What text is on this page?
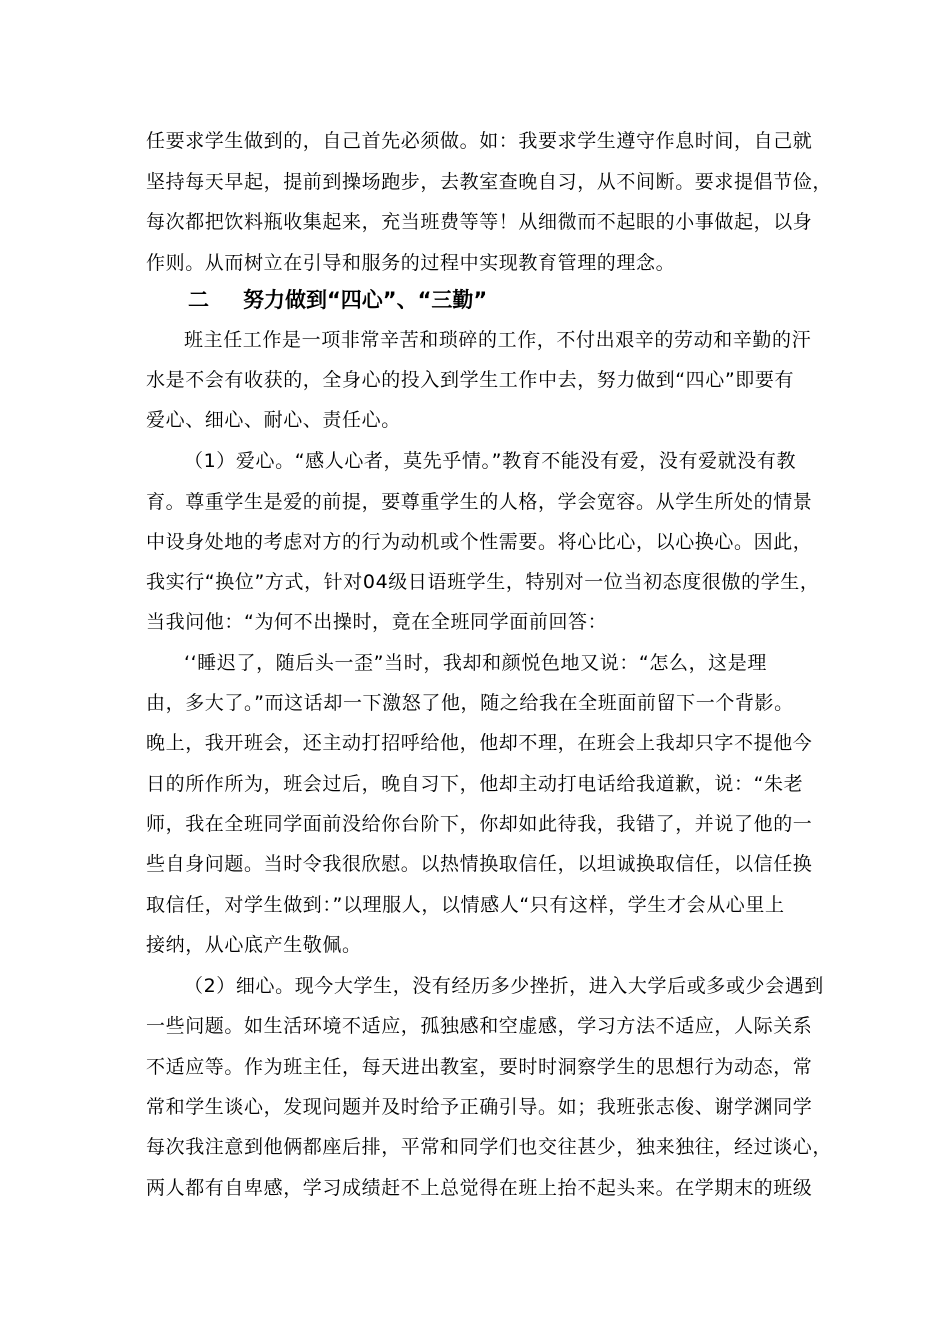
任要求学生做到的，自己首先必须做。如：我要求学生遵守作息时间，自己就
坚持每天早起，提前到操场跑步，去教室查晚自习，从不间断。要求提倡节俭，
每次都把饮料瓶收集起来，充当班费等等！从细微而不起眼的小事做起，以身
作则。从而树立在引导和服务的过程中实现教育管理的理念。
二 努力做到“四心”、“三勤”
班主任工作是一项非常辛苦和琐碎的工作，不付出艰辛的劳动和辛勤的汗
水是不会有收获的，全身心的投入到学生工作中去，努力做到“四心”即要有
爱心、细心、耐心、责任心。
（1）爱心。“感人心者，莫先乎情。”教育不能没有爱，没有爱就没有教
育。尊重学生是爱的前提，要尊重学生的人格，学会宽容。从学生所处的情景
中设身处地的考虑对方的行为动机或个性需要。将心比心，以心换心。因此，
我实行“换位”方式，针对04级日语班学生，特别对一位当初态度很傲的学生，
当我问他：“为何不出操时，竟在全班同学面前回答：
‘‘睡迟了，随后头一歪”当时，我却和颜悦色地又说：“怎么，这是理
由，多大了。”而这话却一下激怒了他，随之给我在全班面前留下一个背影。
晚上，我开班会，还主动打招呼给他，他却不理，在班会上我却只字不提他今
日的所作所为，班会过后，晚自习下，他却主动打电话给我道歉，说：“朱老
师，我在全班同学面前没给你台阶下，你却如此待我，我错了，并说了他的一
些自身问题。当时令我很欣慰。以热情换取信任，以坦诚换取信任，以信任换
取信任，对学生做到：”以理服人，以情感人“只有这样，学生才会从心里上
接纳，从心底产生敬佩。
（2）细心。现今大学生，没有经历多少挫折，进入大学后或多或少会遇到
一些问题。如生活环境不适应，孤独感和空虚感，学习方法不适应，人际关系
不适应等。作为班主任，每天进出教室，要时时洞察学生的思想行为动态，常
常和学生谈心，发现问题并及时给予正确引导。如；我班张志俊、谢学渊同学
每次我注意到他俩都座后排，平常和同学们也交往甚少，独来独往，经过谈心，
两人都有自卑感，学习成绩赶不上总觉得在班上抬不起头来。在学期末的班级
